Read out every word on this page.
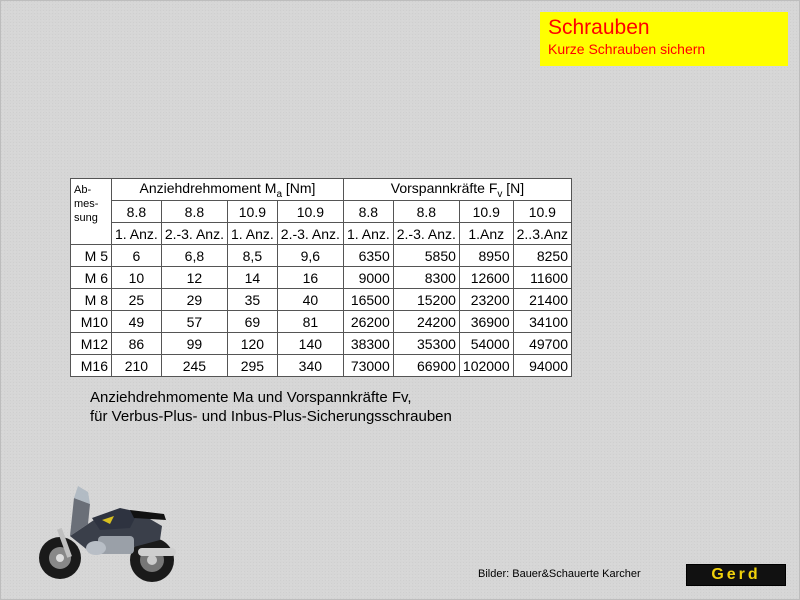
Schrauben
Kurze Schrauben sichern
Ab-
mes-
sung	Anziehdrehmoment $M_a$ [Nm]				Vorspannkräfte $F_v$ [N]			
	8.8	8.8	10.9	10.9	8.8	8.8	10.9	10.9
	1. Anz.	2.-3. Anz.	1. Anz.	2.-3. Anz.	1. Anz.	2.-3. Anz.	1.Anz	2..3.Anz
M 5	6	6,8	8,5	9,6	6350	5850	8950	8250
M 6	10	12	14	16	9000	8300	12600	11600
M 8	25	29	35	40	16500	15200	23200	21400
M10	49	57	69	81	26200	24200	36900	34100
M12	86	99	120	140	38300	35300	54000	49700
M16	210	245	295	340	73000	66900	102000	94000
Anziehdrehmomente Ma und Vorspannkräfte Fv,
für Verbus-Plus- und Inbus-Plus-Sicherungsschrauben
Bilder: Bauer&Schauerte Karcher	Gerd
